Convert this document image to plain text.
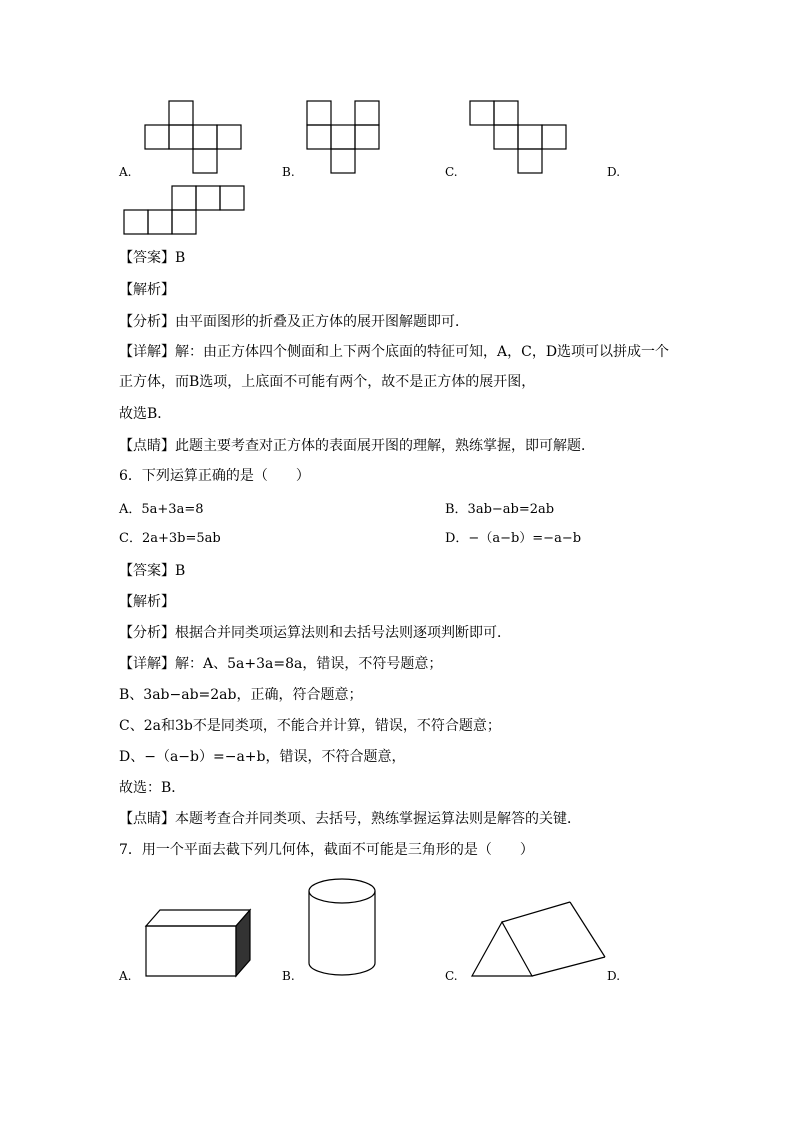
A.	B.	C.	D.
【答案】B
【解析】
【分析】由平面图形的折叠及正方体的展开图解题即可．
【详解】解：由正方体四个侧面和上下两个底面的特征可知，A，C，D选项可以拼成一个
正方体，而B选项，上底面不可能有两个，故不是正方体的展开图，
故选B．
【点睛】此题主要考查对正方体的表面展开图的理解，熟练掌握，即可解题．
6．下列运算正确的是（　　）
A．5a+3a=8	B．3ab−ab=2ab
C．2a+3b=5ab	D．−（a−b）=−a−b
【答案】B
【解析】
【分析】根据合并同类项运算法则和去括号法则逐项判断即可．
【详解】解：A、5a+3a=8a，错误，不符号题意；
B、3ab−ab=2ab，正确，符合题意；
C、2a和3b不是同类项，不能合并计算，错误，不符合题意；
D、−（a−b）=−a+b，错误，不符合题意，
故选：B．
【点睛】本题考查合并同类项、去括号，熟练掌握运算法则是解答的关键．
7．用一个平面去截下列几何体，截面不可能是三角形的是（　　）
A.	B.	C.	D.
